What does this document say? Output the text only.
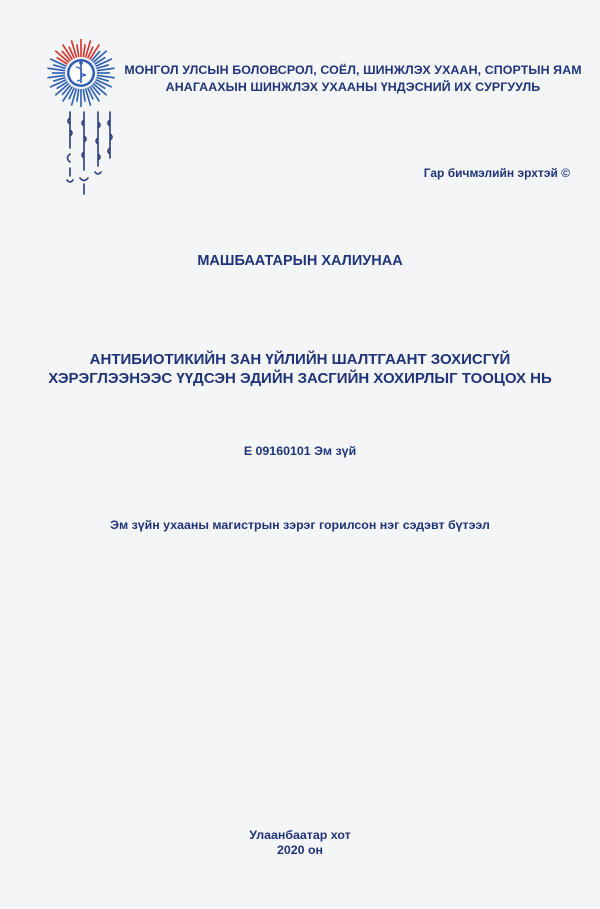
МОНГОЛ УЛСЫН БОЛОВСРОЛ, СОЁЛ, ШИНЖЛЭХ УХААН, СПОРТЫН ЯАМ
АНАГААХЫН ШИНЖЛЭХ УХААНЫ ҮНДЭСНИЙ ИХ СУРГУУЛЬ
Гар бичмэлийн эрхтэй ©
МАШБААТАРЫН ХАЛИУНАА
АНТИБИОТИКИЙН ЗАН ҮЙЛИЙН ШАЛТГААНТ ЗОХИСГҮЙ
ХЭРЭГЛЭЭНЭЭС ҮҮДСЭН ЭДИЙН ЗАСГИЙН ХОХИРЛЫГ ТООЦОХ НЬ
Е 09160101 Эм зүй
Эм зүйн ухааны магистрын зэрэг горилсон нэг сэдэвт бүтээл
Улаанбаатар хот
2020 он
